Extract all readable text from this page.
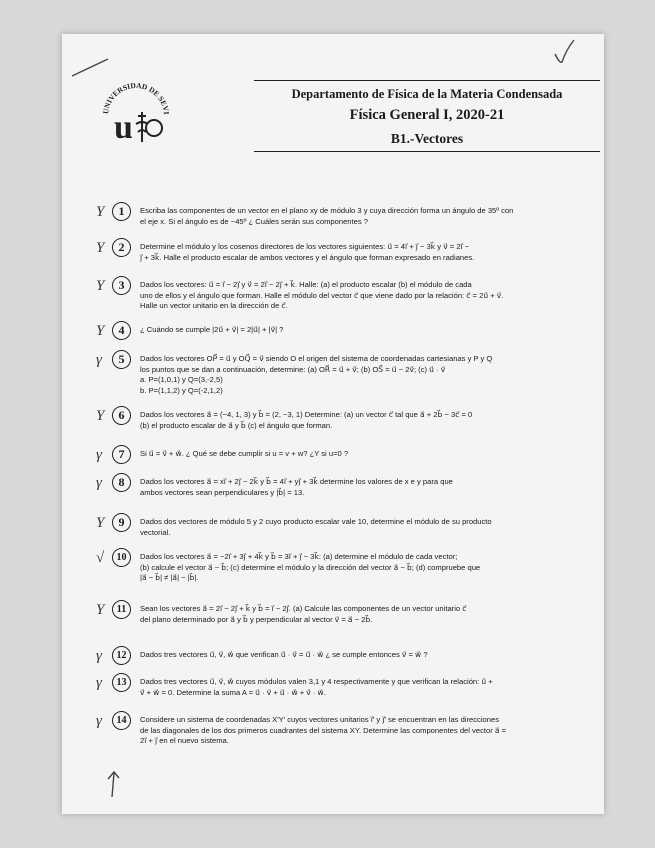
UNIVERSIDAD DE SEVI
u
Departamento de Física de la Materia Condensada
Física General I, 2020-21
B1.-Vectores
Y	1	Escriba las componentes de un vector en el plano xy de módulo 3 y cuya dirección forma un ángulo de 35º con
el eje x. Si el ángulo es de −45º ¿ Cuáles serán sus componentes ?
Y	2	Determine el módulo y los cosenos directores de los vectores siguientes: u⃗ = 4i⃗ + j⃗ − 3k⃗ y v⃗ = 2i⃗ −
j⃗ + 3k⃗. Halle el producto escalar de ambos vectores y el ángulo que forman expresado en radianes.
Y	3	Dados los vectores: u⃗ = i⃗ − 2j⃗ y v⃗ = 2i⃗ − 2j⃗ + k⃗. Halle: (a) el producto escalar (b) el módulo de cada
uno de ellos y el ángulo que forman. Halle el módulo del vector c⃗ que viene dado por la relación: c⃗ = 2u⃗ + v⃗.
Halle un vector unitario en la dirección de c⃗.
Y	4	¿ Cuándo se cumple |2u⃗ + v⃗| = 2|u⃗| + |v⃗| ?
γ	5	Dados los vectores OP⃗ = u⃗ y OQ⃗ = v⃗ siendo O el origen del sistema de coordenadas cartesianas y P y Q
los puntos que se dan a continuación, determine: (a) OR⃗ = u⃗ + v⃗; (b) OS⃗ = u⃗ − 2v⃗; (c) u⃗ · v⃗
a. P=(1,0,1) y Q=(3,-2,5)
b. P=(1,1,2) y Q=(-2,1,2)
Y	6	Dados los vectores a⃗ = (−4, 1, 3) y b⃗ = (2, −3, 1) Determine: (a) un vector c⃗ tal que a⃗ + 2b⃗ − 3c⃗ = 0
(b) el producto escalar de a⃗ y b⃗ (c) el ángulo que forman.
γ	7	Si u⃗ = v⃗ + w⃗. ¿ Qué se debe cumplir si u = v + w? ¿Y si u=0 ?
γ	8	Dados los vectores a⃗ = xi⃗ + 2j⃗ − 2k⃗ y b⃗ = 4i⃗ + yj⃗ + 3k⃗ determine los valores de x e y para que
ambos vectores sean perpendiculares y |b⃗| = 13.
Y	9	Dados dos vectores de módulo 5 y 2 cuyo producto escalar vale 10, determine el módulo de su producto
vectorial.
√	10	Dados los vectores a⃗ = −2i⃗ + 3j⃗ + 4k⃗ y b⃗ = 3i⃗ + j⃗ − 3k⃗: (a) determine el módulo de cada vector;
(b) calcule el vector a⃗ − b⃗; (c) determine el módulo y la dirección del vector a⃗ − b⃗; (d) compruebe que
|a⃗ − b⃗| ≠ |a⃗| − |b⃗|.
Y	11	Sean los vectores a⃗ = 2i⃗ − 2j⃗ + k⃗ y b⃗ = i⃗ − 2j⃗. (a) Calcule las componentes de un vector unitario c⃗
del plano determinado por a⃗ y b⃗ y perpendicular al vector v⃗ = a⃗ − 2b⃗.
γ	12	Dados tres vectores u⃗, v⃗, w⃗ que verifican u⃗ · v⃗ = u⃗ · w⃗ ¿ se cumple entonces v⃗ = w⃗ ?
γ	13	Dados tres vectores u⃗, v⃗, w⃗ cuyos módulos valen 3,1 y 4 respectivamente y que verifican la relación: u⃗ +
v⃗ + w⃗ = 0. Determine la suma A = u⃗ · v⃗ + u⃗ · w⃗ + v⃗ · w⃗.
γ	14	Considere un sistema de coordenadas X′Y′ cuyos vectores unitarios i⃗′ y j⃗′ se encuentran en las direcciones
de las diagonales de los dos primeros cuadrantes del sistema XY. Determine las componentes del vector a⃗ =
2i⃗ + j⃗ en el nuevo sistema.
